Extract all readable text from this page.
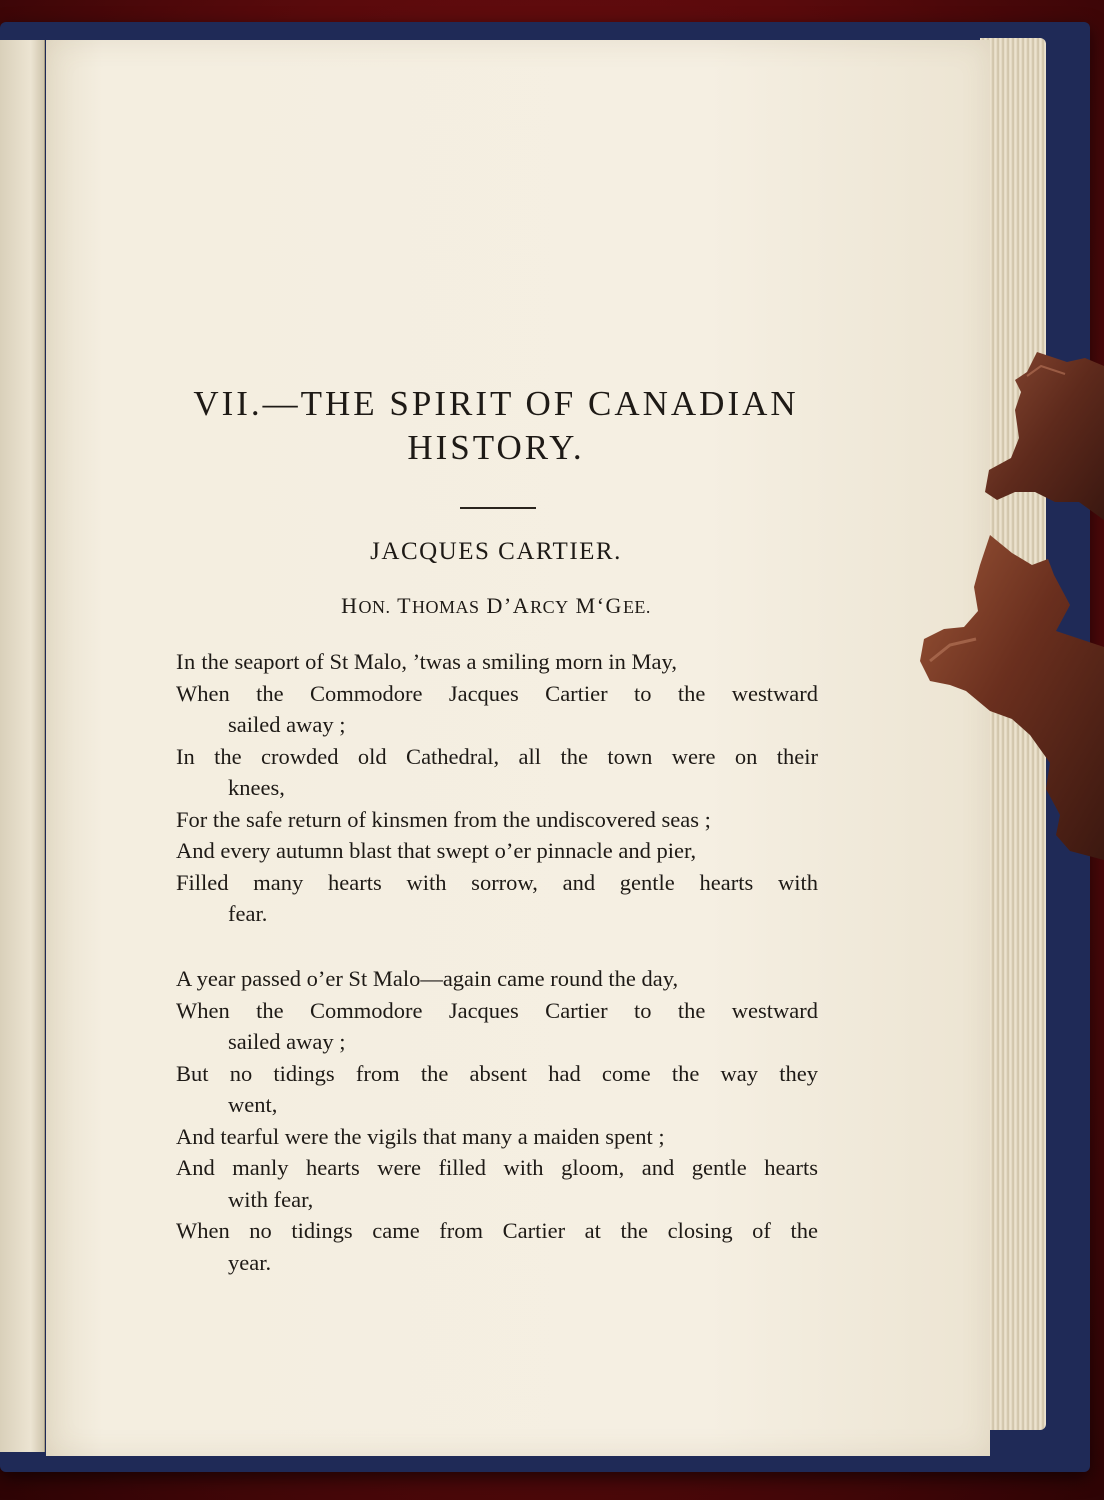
VII.—THE SPIRIT OF CANADIAN
HISTORY.
JACQUES CARTIER.
HON. THOMAS D’ARCY M‘GEE.
In the seaport of St Malo, ’twas a smiling morn in May,
When the Commodore Jacques Cartier to the westward
sailed away ;
In the crowded old Cathedral, all the town were on their
knees,
For the safe return of kinsmen from the undiscovered seas ;
And every autumn blast that swept o’er pinnacle and pier,
Filled many hearts with sorrow, and gentle hearts with
fear.
A year passed o’er St Malo—again came round the day,
When the Commodore Jacques Cartier to the westward
sailed away ;
But no tidings from the absent had come the way they
went,
And tearful were the vigils that many a maiden spent ;
And manly hearts were filled with gloom, and gentle hearts
with fear,
When no tidings came from Cartier at the closing of the
year.
